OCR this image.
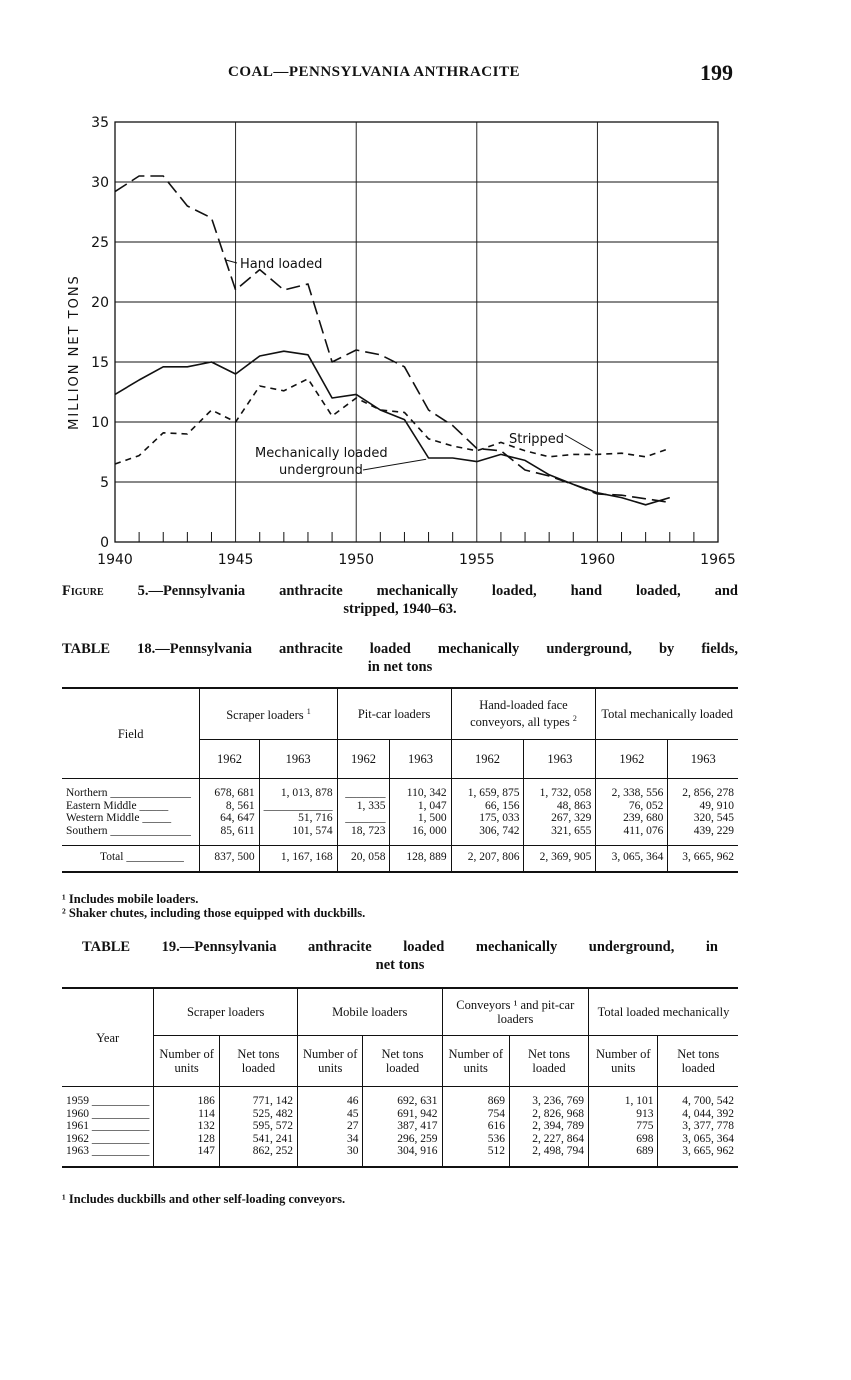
COAL—PENNSYLVANIA ANTHRACITE	199
0
5
10
15
20
25
30
35
1940	1945	1950	1955	1960	1965
MILLION NET TONS
Hand loaded
Stripped
Mechanically loaded
underground
Figure 5.—Pennsylvania anthracite mechanically loaded, hand loaded, and
stripped, 1940–63.
TABLE 18.—Pennsylvania anthracite loaded mechanically underground, by fields,
in net tons
Field	Scraper loaders $^1$		Pit-car loaders		Hand-loaded face conveyors, all types $^2$		Total mechanically loaded	
	1962	1963	1962	1963	1962	1963	1962	1963
Northern ______________	678, 681	1, 013, 878	_______	110, 342	1, 659, 875	1, 732, 058	2, 338, 556	2, 856, 278
Eastern Middle _____	8, 561	____________	1, 335	1, 047	66, 156	48, 863	76, 052	49, 910
Western Middle _____	64, 647	51, 716	_______	1, 500	175, 033	267, 329	239, 680	320, 545
Southern ______________	85, 611	101, 574	18, 723	16, 000	306, 742	321, 655	411, 076	439, 229
Total __________	837, 500	1, 167, 168	20, 058	128, 889	2, 207, 806	2, 369, 905	3, 065, 364	3, 665, 962
¹ Includes mobile loaders.
² Shaker chutes, including those equipped with duckbills.
TABLE 19.—Pennsylvania anthracite loaded mechanically underground, in
net tons
Year	Scraper loaders		Mobile loaders		Conveyors ¹ and pit-car loaders		Total loaded mechanically	
	Number of units	Net tons loaded	Number of units	Net tons loaded	Number of units	Net tons loaded	Number of units	Net tons loaded
1959 __________	186	771, 142	46	692, 631	869	3, 236, 769	1, 101	4, 700, 542
1960 __________	114	525, 482	45	691, 942	754	2, 826, 968	913	4, 044, 392
1961 __________	132	595, 572	27	387, 417	616	2, 394, 789	775	3, 377, 778
1962 __________	128	541, 241	34	296, 259	536	2, 227, 864	698	3, 065, 364
1963 __________	147	862, 252	30	304, 916	512	2, 498, 794	689	3, 665, 962
¹ Includes duckbills and other self-loading conveyors.
